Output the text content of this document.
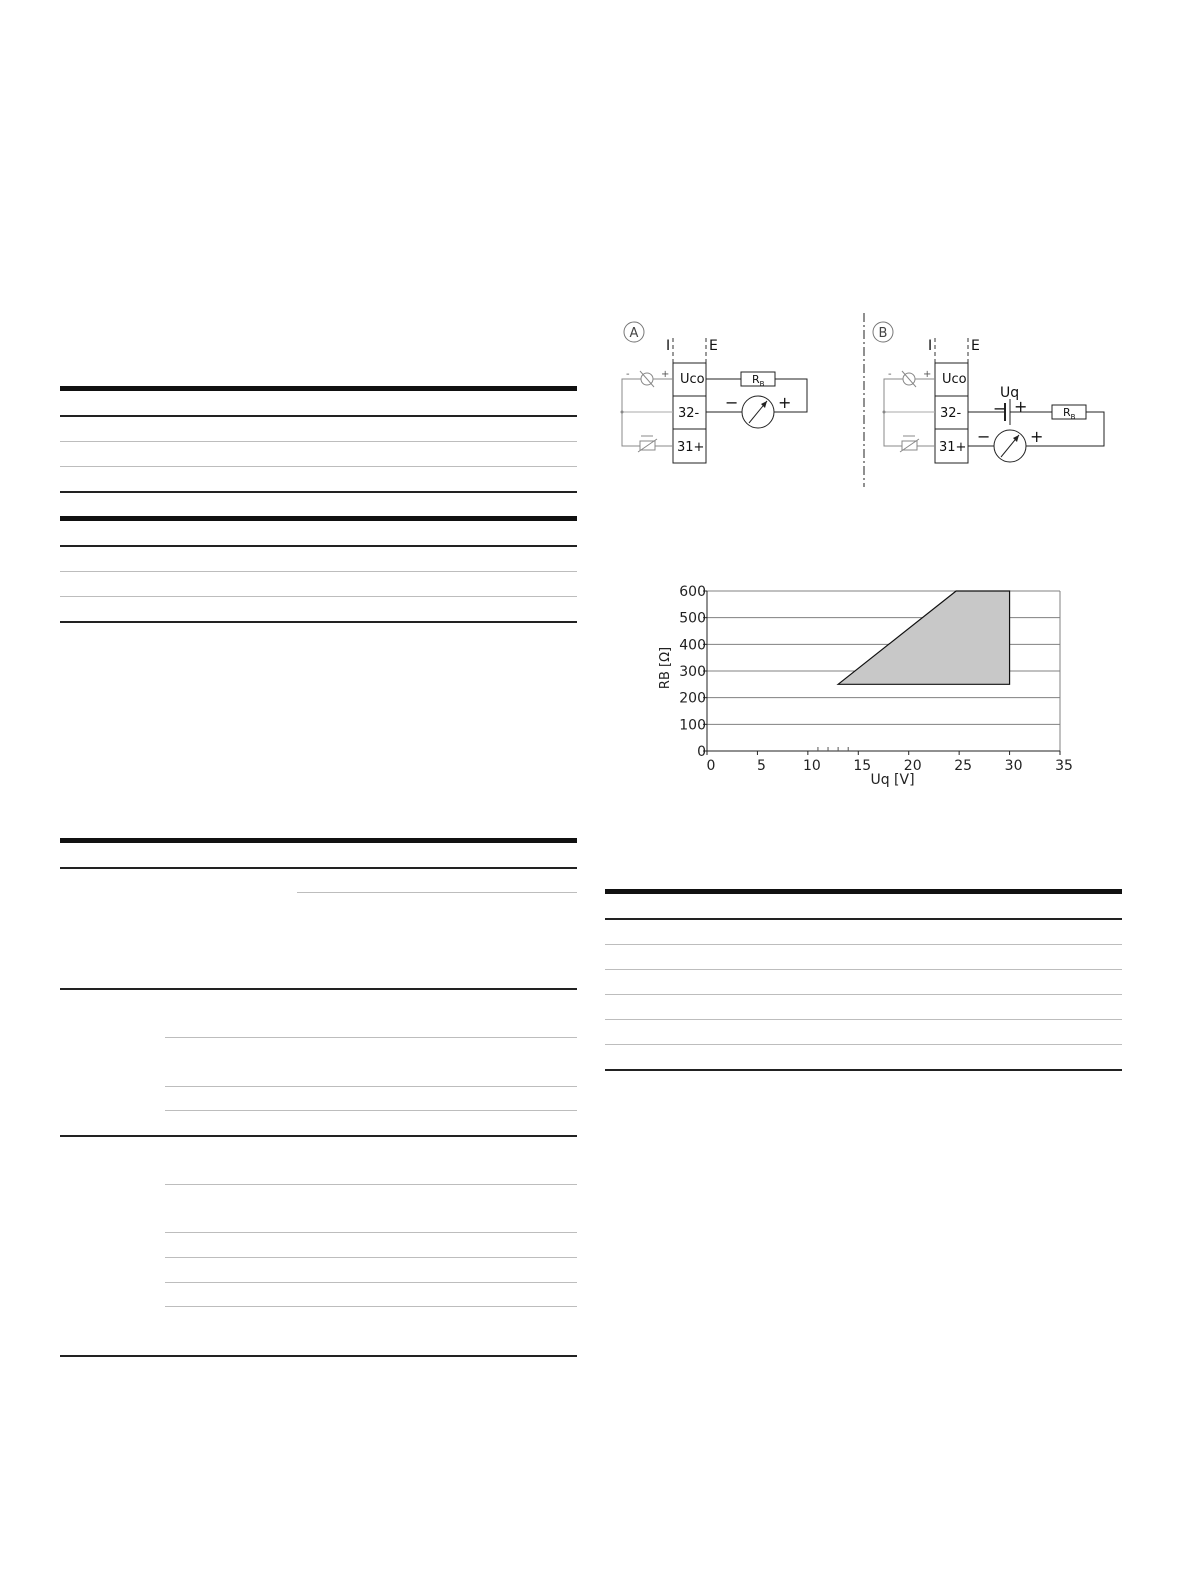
A
I	E
Uco
32-
31+
-	+	$R_B$
− +
B
I	E
Uco
32-
31+
-	+
Uq
− +	$R_B$
− +
0	5	10 15 20 25 30 35
0
100
200
300
400
500
600
Uq [V]
RB [Ω]
